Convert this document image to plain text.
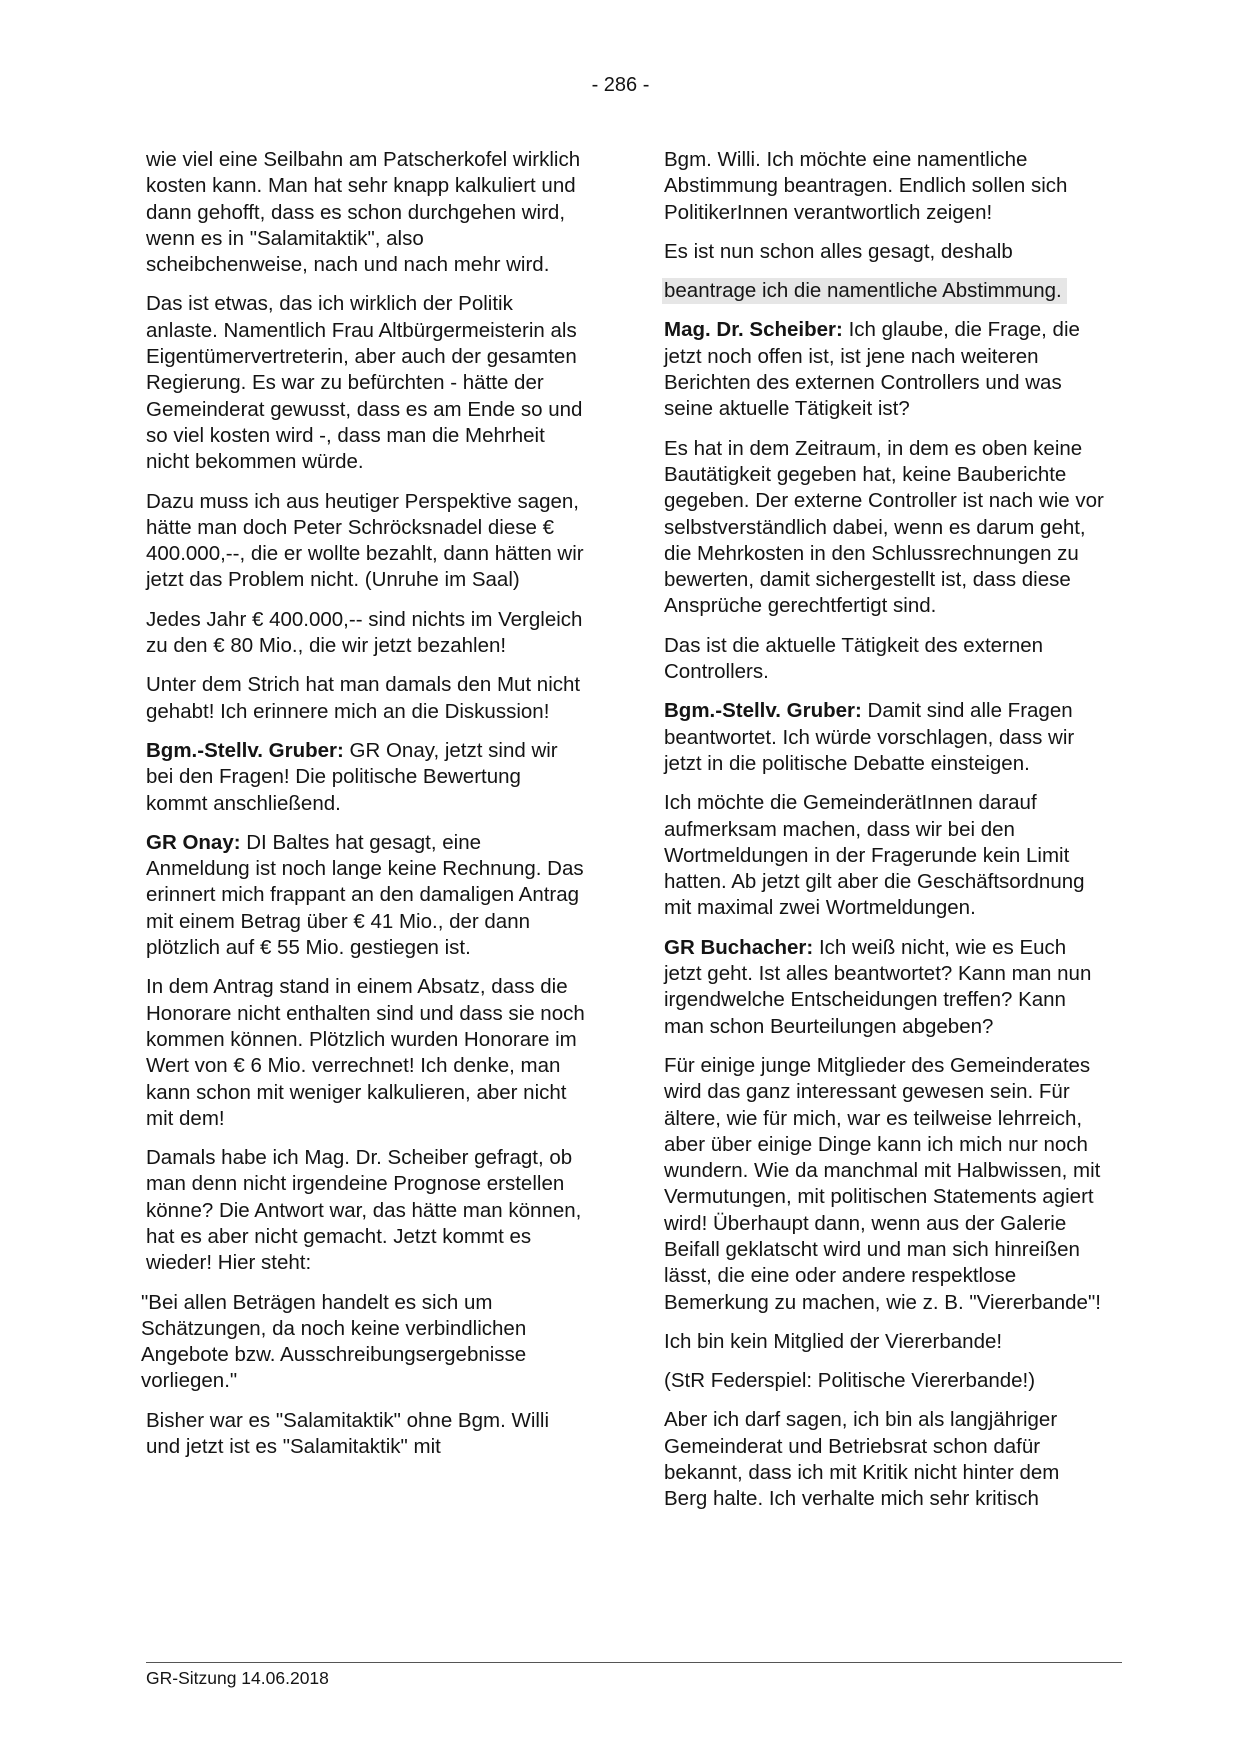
- 286 -

wie viel eine Seilbahn am Patscherkofel wirklich kosten kann. Man hat sehr knapp kalkuliert und dann gehofft, dass es schon durchgehen wird, wenn es in "Salamitaktik", also scheibchenweise, nach und nach mehr wird.

Das ist etwas, das ich wirklich der Politik anlaste. Namentlich Frau Altbürgermeisterin als Eigentümervertreterin, aber auch der gesamten Regierung. Es war zu befürchten - hätte der Gemeinderat gewusst, dass es am Ende so und so viel kosten wird -, dass man die Mehrheit nicht bekommen würde.

Dazu muss ich aus heutiger Perspektive sagen, hätte man doch Peter Schröcksnadel diese € 400.000,--, die er wollte bezahlt, dann hätten wir jetzt das Problem nicht. (Unruhe im Saal)

Jedes Jahr € 400.000,-- sind nichts im Vergleich zu den € 80 Mio., die wir jetzt bezahlen!

Unter dem Strich hat man damals den Mut nicht gehabt! Ich erinnere mich an die Diskussion!

Bgm.-Stellv. Gruber: GR Onay, jetzt sind wir bei den Fragen! Die politische Bewertung kommt anschließend.

GR Onay: DI Baltes hat gesagt, eine Anmeldung ist noch lange keine Rechnung. Das erinnert mich frappant an den damaligen Antrag mit einem Betrag über € 41 Mio., der dann plötzlich auf € 55 Mio. gestiegen ist.

In dem Antrag stand in einem Absatz, dass die Honorare nicht enthalten sind und dass sie noch kommen können. Plötzlich wurden Honorare im Wert von € 6 Mio. verrechnet! Ich denke, man kann schon mit weniger kalkulieren, aber nicht mit dem!

Damals habe ich Mag. Dr. Scheiber gefragt, ob man denn nicht irgendeine Prognose erstellen könne? Die Antwort war, das hätte man können, hat es aber nicht gemacht. Jetzt kommt es wieder! Hier steht:

"Bei allen Beträgen handelt es sich um Schätzungen, da noch keine verbindlichen Angebote bzw. Ausschreibungsergebnisse vorliegen."

Bisher war es "Salamitaktik" ohne Bgm. Willi und jetzt ist es "Salamitaktik" mit

Bgm. Willi. Ich möchte eine namentliche Abstimmung beantragen. Endlich sollen sich PolitikerInnen verantwortlich zeigen!

Es ist nun schon alles gesagt, deshalb

beantrage ich die namentliche Abstimmung.

Mag. Dr. Scheiber: Ich glaube, die Frage, die jetzt noch offen ist, ist jene nach weiteren Berichten des externen Controllers und was seine aktuelle Tätigkeit ist?

Es hat in dem Zeitraum, in dem es oben keine Bautätigkeit gegeben hat, keine Bauberichte gegeben. Der externe Controller ist nach wie vor selbstverständlich dabei, wenn es darum geht, die Mehrkosten in den Schlussrechnungen zu bewerten, damit sichergestellt ist, dass diese Ansprüche gerechtfertigt sind.

Das ist die aktuelle Tätigkeit des externen Controllers.

Bgm.-Stellv. Gruber: Damit sind alle Fragen beantwortet. Ich würde vorschlagen, dass wir jetzt in die politische Debatte einsteigen.

Ich möchte die GemeinderätInnen darauf aufmerksam machen, dass wir bei den Wortmeldungen in der Fragerunde kein Limit hatten. Ab jetzt gilt aber die Geschäftsordnung mit maximal zwei Wortmeldungen.

GR Buchacher: Ich weiß nicht, wie es Euch jetzt geht. Ist alles beantwortet? Kann man nun irgendwelche Entscheidungen treffen? Kann man schon Beurteilungen abgeben?

Für einige junge Mitglieder des Gemeinderates wird das ganz interessant gewesen sein. Für ältere, wie für mich, war es teilweise lehrreich, aber über einige Dinge kann ich mich nur noch wundern. Wie da manchmal mit Halbwissen, mit Vermutungen, mit politischen Statements agiert wird! Überhaupt dann, wenn aus der Galerie Beifall geklatscht wird und man sich hinreißen lässt, die eine oder andere respektlose Bemerkung zu machen, wie z. B. "Viererbande"!

Ich bin kein Mitglied der Viererbande!

(StR Federspiel: Politische Viererbande!)

Aber ich darf sagen, ich bin als langjähriger Gemeinderat und Betriebsrat schon dafür bekannt, dass ich mit Kritik nicht hinter dem Berg halte. Ich verhalte mich sehr kritisch

GR-Sitzung 14.06.2018
